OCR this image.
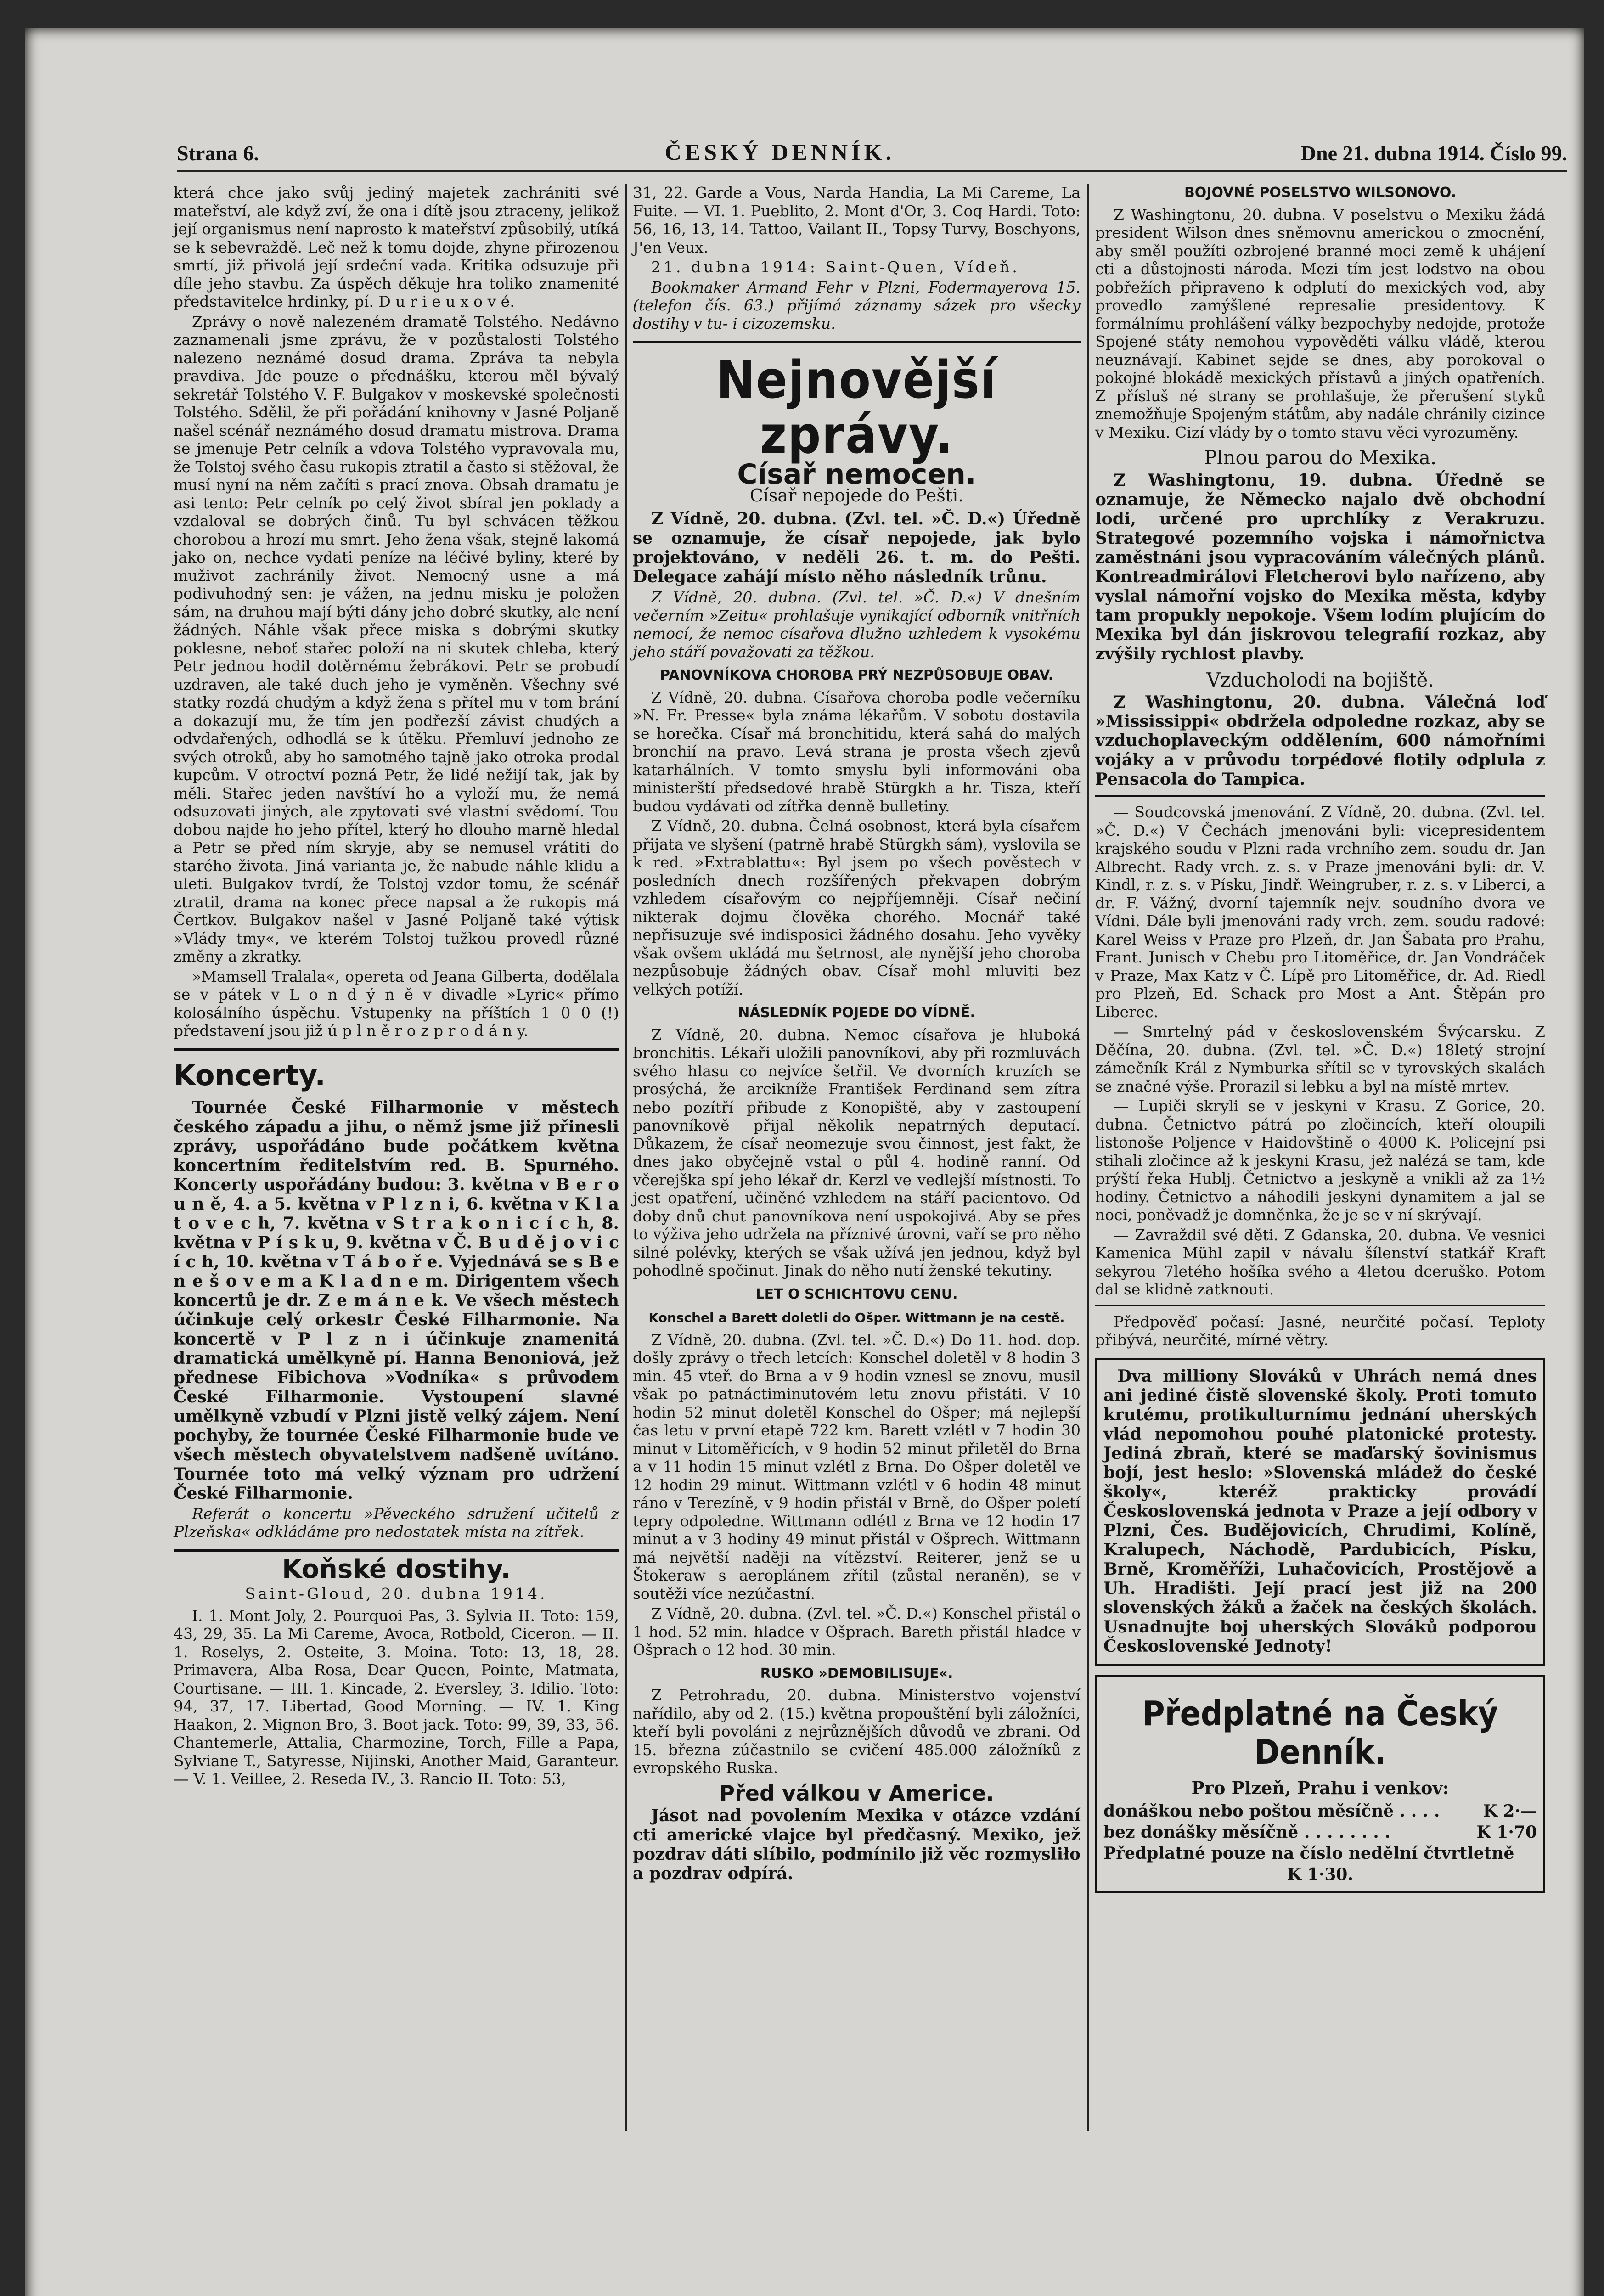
Strana 6.	ČESKÝ DENNÍK.	Dne 21. dubna 1914. Číslo 99.

která chce jako svůj jediný majetek zachrániti své mateřství, ale když zví, že ona i dítě jsou ztraceny, jelikož její organismus není naprosto k mateřství způsobilý, utíká se k sebevraždě. Leč než k tomu dojde, zhyne přirozenou smrtí, již přivolá její srdeční vada. Kritika odsuzuje při díle jeho stavbu. Za úspěch děkuje hra toliko znamenité představitelce hrdinky, pí. D u r i e u x o v é.

Zprávy o nově nalezeném dramatě Tolstého. Nedávno zaznamenali jsme zprávu, že v pozůstalosti Tolstého nalezeno neznámé dosud drama. Zpráva ta nebyla pravdiva. Jde pouze o přednášku, kterou měl bývalý sekretář Tolstého V. F. Bulgakov v moskevské společnosti Tolstého. Sdělil, že při pořádání knihovny v Jasné Poljaně našel scénář neznámého dosud dramatu mistrova. Drama se jmenuje Petr celník a vdova Tolstého vypravovala mu, že Tolstoj svého času rukopis ztratil a často si stěžoval, že musí nyní na něm začíti s prací znova. Obsah dramatu je asi tento: Petr celník po celý život sbíral jen poklady a vzdaloval se dobrých činů. Tu byl schvácen těžkou chorobou a hrozí mu smrt. Jeho žena však, stejně lakomá jako on, nechce vydati peníze na léčivé byliny, které by muživot zachránily život. Nemocný usne a má podivuhodný sen: je vážen, na jednu misku je položen sám, na druhou mají býti dány jeho dobré skutky, ale není žádných. Náhle však přece miska s dobrými skutky poklesne, neboť stařec položí na ni skutek chleba, který Petr jednou hodil dotěrnému žebrákovi. Petr se probudí uzdraven, ale také duch jeho je vyměněn. Všechny své statky rozdá chudým a když žena s přítel mu v tom brání a dokazují mu, že tím jen podřezší závist chudých a odvdařených, odhodlá se k útěku. Přemluví jednoho ze svých otroků, aby ho samotného tajně jako otroka prodal kupcům. V otroctví pozná Petr, že lidé nežijí tak, jak by měli. Stařec jeden navštíví ho a vyloží mu, že nemá odsuzovati jiných, ale zpytovati své vlastní svědomí. Tou dobou najde ho jeho přítel, který ho dlouho marně hledal a Petr se před ním skryje, aby se nemusel vrátiti do starého života. Jiná varianta je, že nabude náhle klidu a uleti. Bulgakov tvrdí, že Tolstoj vzdor tomu, že scénář ztratil, drama na konec přece napsal a že rukopis má Čertkov. Bulgakov našel v Jasné Poljaně také výtisk »Vlády tmy«, ve kterém Tolstoj tužkou provedl různé změny a zkratky.

»Mamsell Tralala«, opereta od Jeana Gilberta, dodělala se v pátek v L o n d ý n ě v divadle »Lyric« přímo kolosálního úspěchu. Vstupenky na příštích 1 0 0 (!) představení jsou již ú p l n ě r o z p r o d á n y.

Koncerty.

Tournée České Filharmonie v městech českého západu a jihu, o němž jsme již přinesli zprávy, uspořádáno bude počátkem května koncertním ředitelstvím red. B. Spurného. Koncerty uspořádány budou: 3. května v B e r o u n ě, 4. a 5. května v P l z n i, 6. května v K l a t o v e c h, 7. května v S t r a k o n i c í c h, 8. května v P í s k u, 9. května v Č. B u d ě j o v i c í c h, 10. května v T á b o ř e. Vyjednává se s B e n e š o v e m a K l a d n e m. Dirigentem všech koncertů je dr. Z e m á n e k. Ve všech městech účinkuje celý orkestr České Filharmonie. Na koncertě v P l z n i účinkuje znamenitá dramatická umělkyně pí. Hanna Benoniová, jež přednese Fibichova »Vodníka« s průvodem České Filharmonie. Vystoupení slavné umělkyně vzbudí v Plzni jistě velký zájem. Není pochyby, že tournée České Filharmonie bude ve všech městech obyvatelstvem nadšeně uvítáno. Tournée toto má velký význam pro udržení České Filharmonie.

Referát o koncertu »Pěveckého sdružení učitelů z Plzeňska« odkládáme pro nedostatek místa na zítřek.

Koňské dostihy.

Saint-Gloud, 20. dubna 1914.

I. 1. Mont Joly, 2. Pourquoi Pas, 3. Sylvia II. Toto: 159, 43, 29, 35. La Mi Careme, Avoca, Rotbold, Ciceron. — II. 1. Roselys, 2. Osteite, 3. Moina. Toto: 13, 18, 28. Primavera, Alba Rosa, Dear Queen, Pointe, Matmata, Courtisane. — III. 1. Kincade, 2. Eversley, 3. Idilio. Toto: 94, 37, 17. Libertad, Good Morning. — IV. 1. King Haakon, 2. Mignon Bro, 3. Boot jack. Toto: 99, 39, 33, 56. Chantemerle, Attalia, Charmozine, Torch, Fille a Papa, Sylviane T., Satyresse, Nijinski, Another Maid, Garanteur. — V. 1. Veillee, 2. Reseda IV., 3. Rancio II. Toto: 53,

31, 22. Garde a Vous, Narda Handia, La Mi Careme, La Fuite. — VI. 1. Pueblito, 2. Mont d'Or, 3. Coq Hardi. Toto: 56, 16, 13, 14. Tattoo, Vailant II., Topsy Turvy, Boschyons, J'en Veux.

21. dubna 1914: Saint-Quen, Vídeň.

Bookmaker Armand Fehr v Plzni, Fodermayerova 15. (telefon čís. 63.) přijímá záznamy sázek pro všecky dostihy v tu- i cizozemsku.

Nejnovější zprávy.
Císař nemocen.
Císař nepojede do Pešti.

Z Vídně, 20. dubna. (Zvl. tel. »Č. D.«) Úředně se oznamuje, že císař nepojede, jak bylo projektováno, v neděli 26. t. m. do Pešti. Delegace zahájí místo něho následník trůnu.

Z Vídně, 20. dubna. (Zvl. tel. »Č. D.«) V dnešním večerním »Zeitu« prohlašuje vynikající odborník vnitřních nemocí, že nemoc císařova dlužno uzhledem k vysokému jeho stáří považovati za těžkou.

PANOVNÍKOVA CHOROBA PRÝ NEZPŮSOBUJE OBAV.

Z Vídně, 20. dubna. Císařova choroba podle večerníku »N. Fr. Presse« byla známa lékařům. V sobotu dostavila se horečka. Císař má bronchitidu, která sahá do malých bronchií na pravo. Levá strana je prosta všech zjevů katarhálních. V tomto smyslu byli informováni oba ministerští předsedové hrabě Stürgkh a hr. Tisza, kteří budou vydávati od zítřka denně bulletiny.

Z Vídně, 20. dubna. Čelná osobnost, která byla císařem přijata ve slyšení (patrně hrabě Stürgkh sám), vyslovila se k red. »Extrablattu«: Byl jsem po všech pověstech v posledních dnech rozšířených překvapen dobrým vzhledem císařovým co nejpříjemněji. Císař nečiní nikterak dojmu člověka chorého. Mocnář také nepřisuzuje své indisposici žádného dosahu. Jeho vyvěky však ovšem ukládá mu šetrnost, ale nynější jeho choroba nezpůsobuje žádných obav. Císař mohl mluviti bez velkých potíží.

NÁSLEDNÍK POJEDE DO VÍDNĚ.

Z Vídně, 20. dubna. Nemoc císařova je hluboká bronchitis. Lékaři uložili panovníkovi, aby při rozmluvách svého hlasu co nejvíce šetřil. Ve dvorních kruzích se prosýchá, že arcikníže František Ferdinand sem zítra nebo pozítří přibude z Konopiště, aby v zastoupení panovníkově přijal několik nepatrných deputací. Důkazem, že císař neomezuje svou činnost, jest fakt, že dnes jako obyčejně vstal o půl 4. hodině ranní. Od včerejška spí jeho lékař dr. Kerzl ve vedlejší místnosti. To jest opatření, učiněné vzhledem na stáří pacientovo. Od doby dnů chut panovníkova není uspokojivá. Aby se přes to výživa jeho udržela na příznivé úrovni, vaří se pro něho silné polévky, kterých se však užívá jen jednou, když byl pohodlně spočinut. Jinak do něho nutí ženské tekutiny.

LET O SCHICHTOVU CENU.

Konschel a Barett doletli do Ošper. Wittmann je na cestě.

Z Vídně, 20. dubna. (Zvl. tel. »Č. D.«) Do 11. hod. dop. došly zprávy o třech letcích: Konschel doletěl v 8 hodin 3 min. 45 vteř. do Brna a v 9 hodin vznesl se znovu, musil však po patnáctiminutovém letu znovu přistáti. V 10 hodin 52 minut doletěl Konschel do Ošper; má nejlepší čas letu v první etapě 722 km. Barett vzlétl v 7 hodin 30 minut v Litoměřicích, v 9 hodin 52 minut přiletěl do Brna a v 11 hodin 15 minut vzlétl z Brna. Do Ošper doletěl ve 12 hodin 29 minut. Wittmann vzlétl v 6 hodin 48 minut ráno v Terezíně, v 9 hodin přistál v Brně, do Ošper poletí tepry odpoledne. Wittmann odlétl z Brna ve 12 hodin 17 minut a v 3 hodiny 49 minut přistál v Ošprech. Wittmann má největší naději na vítězství. Reiterer, jenž se u Štokeraw s aeroplánem zřítil (zůstal neraněn), se v soutěži více nezúčastní.

Z Vídně, 20. dubna. (Zvl. tel. »Č. D.«) Konschel přistál o 1 hod. 52 min. hladce v Ošprach. Bareth přistál hladce v Ošprach o 12 hod. 30 min.

RUSKO »DEMOBILISUJE«.

Z Petrohradu, 20. dubna. Ministerstvo vojenství nařídilo, aby od 2. (15.) května propouštění byli záložníci, kteří byli povoláni z nejrůznějších důvodů ve zbrani. Od 15. března zúčastnilo se cvičení 485.000 záložníků z evropského Ruska.

Před válkou v Americe.

Jásot nad povolením Mexika v otázce vzdání cti americké vlajce byl předčasný. Mexiko, jež pozdrav dáti slíbilo, podmínilo již věc rozmysliło a pozdrav odpírá.

BOJOVNÉ POSELSTVO WILSONOVO.

Z Washingtonu, 20. dubna. V poselstvu o Mexiku žádá president Wilson dnes sněmovnu americkou o zmocnění, aby směl použíti ozbrojené branné moci země k uhájení cti a důstojnosti národa. Mezi tím jest lodstvo na obou pobřežích připraveno k odplutí do mexických vod, aby provedlo zamýšlené represalie presidentovy. K formálnímu prohlášení války bezpochyby nedojde, protože Spojené státy nemohou vypověděti válku vládě, kterou neuznávají. Kabinet sejde se dnes, aby porokoval o pokojné blokádě mexických přístavů a jiných opatřeních. Z přísluš né strany se prohlašuje, že přerušení styků znemožňuje Spojeným státům, aby nadále chránily cizince v Mexiku. Cizí vlády by o tomto stavu věci vyrozuměny.

Plnou parou do Mexika.

Z Washingtonu, 19. dubna. Úředně se oznamuje, že Německo najalo dvě obchodní lodi, určené pro uprchlíky z Verakruzu. Strategové pozemního vojska i námořnictva zaměstnáni jsou vypracováním válečných plánů. Kontreadmirálovi Fletcherovi bylo nařízeno, aby vyslal námořní vojsko do Mexika města, kdyby tam propukly nepokoje. Všem lodím plujícím do Mexika byl dán jiskrovou telegrafií rozkaz, aby zvýšily rychlost plavby.

Vzducholodi na bojiště.

Z Washingtonu, 20. dubna. Válečná loď »Mississippi« obdržela odpoledne rozkaz, aby se vzduchoplaveckým oddělením, 600 námořními vojáky a v průvodu torpédové flotily odplula z Pensacola do Tampica.

— Soudcovská jmenování. Z Vídně, 20. dubna. (Zvl. tel. »Č. D.«) V Čechách jmenováni byli: vicepresidentem krajského soudu v Plzni rada vrchního zem. soudu dr. Jan Albrecht. Rady vrch. z. s. v Praze jmenováni byli: dr. V. Kindl, r. z. s. v Písku, Jindř. Weingruber, r. z. s. v Liberci, a dr. F. Vážný, dvorní tajemník nejv. soudního dvora ve Vídni. Dále byli jmenováni rady vrch. zem. soudu radové: Karel Weiss v Praze pro Plzeň, dr. Jan Šabata pro Prahu, Frant. Junisch v Chebu pro Litoměřice, dr. Jan Vondráček v Praze, Max Katz v Č. Lípě pro Litoměřice, dr. Ad. Riedl pro Plzeň, Ed. Schack pro Most a Ant. Štěpán pro Liberec.

— Smrtelný pád v československém Švýcarsku. Z Děčína, 20. dubna. (Zvl. tel. »Č. D.«) 18letý strojní zámečník Král z Nymburka sřítil se v tyrovských skalách se značné výše. Prorazil si lebku a byl na místě mrtev.

— Lupiči skryli se v jeskyni v Krasu. Z Gorice, 20. dubna. Četnictvo pátrá po zločincích, kteří oloupili listonoše Poljence v Haidovštině o 4000 K. Policejní psi stihali zločince až k jeskyni Krasu, jež nalézá se tam, kde prýští řeka Hublj. Četnictvo a jeskyně a vnikli až za 1½ hodiny. Četnictvo a náhodili jeskyni dynamitem a jal se noci, poněvadž je domněnka, že je se v ní skrývají.

— Zavraždil své děti. Z Gdanska, 20. dubna. Ve vesnici Kamenica Mühl zapil v návalu šílenství statkář Kraft sekyrou 7letého hošíka svého a 4letou dceruško. Potom dal se klidně zatknouti.

Předpověď počasí: Jasné, neurčité počasí. Teploty přibývá, neurčité, mírné větry.

Dva milliony Slováků v Uhrách nemá dnes ani jediné čistě slovenské školy. Proti tomuto krutému, protikulturnímu jednání uherských vlád nepomohou pouhé platonické protesty. Jediná zbraň, které se maďarský šovinismus bojí, jest heslo: »Slovenská mládež do české školy«, kteréž prakticky provádí Československá jednota v Praze a její odbory v Plzni, Čes. Budějovicích, Chrudimi, Kolíně, Kralupech, Náchodě, Pardubicích, Písku, Brně, Kroměříži, Luhačovicích, Prostějově a Uh. Hradišti. Její prací jest již na 200 slovenských žáků a žaček na českých školách. Usnadnujte boj uherských Slováků podporou Československé Jednoty!

Předplatné na Český Denník.
Pro Plzeň, Prahu i venkov:
donáškou nebo poštou měsíčně . . . .	K 2·—
bez donášky měsíčně . . . . . . . .	K 1·70
Předplatné pouze na číslo nedělní čtvrtletně
K 1·30.
